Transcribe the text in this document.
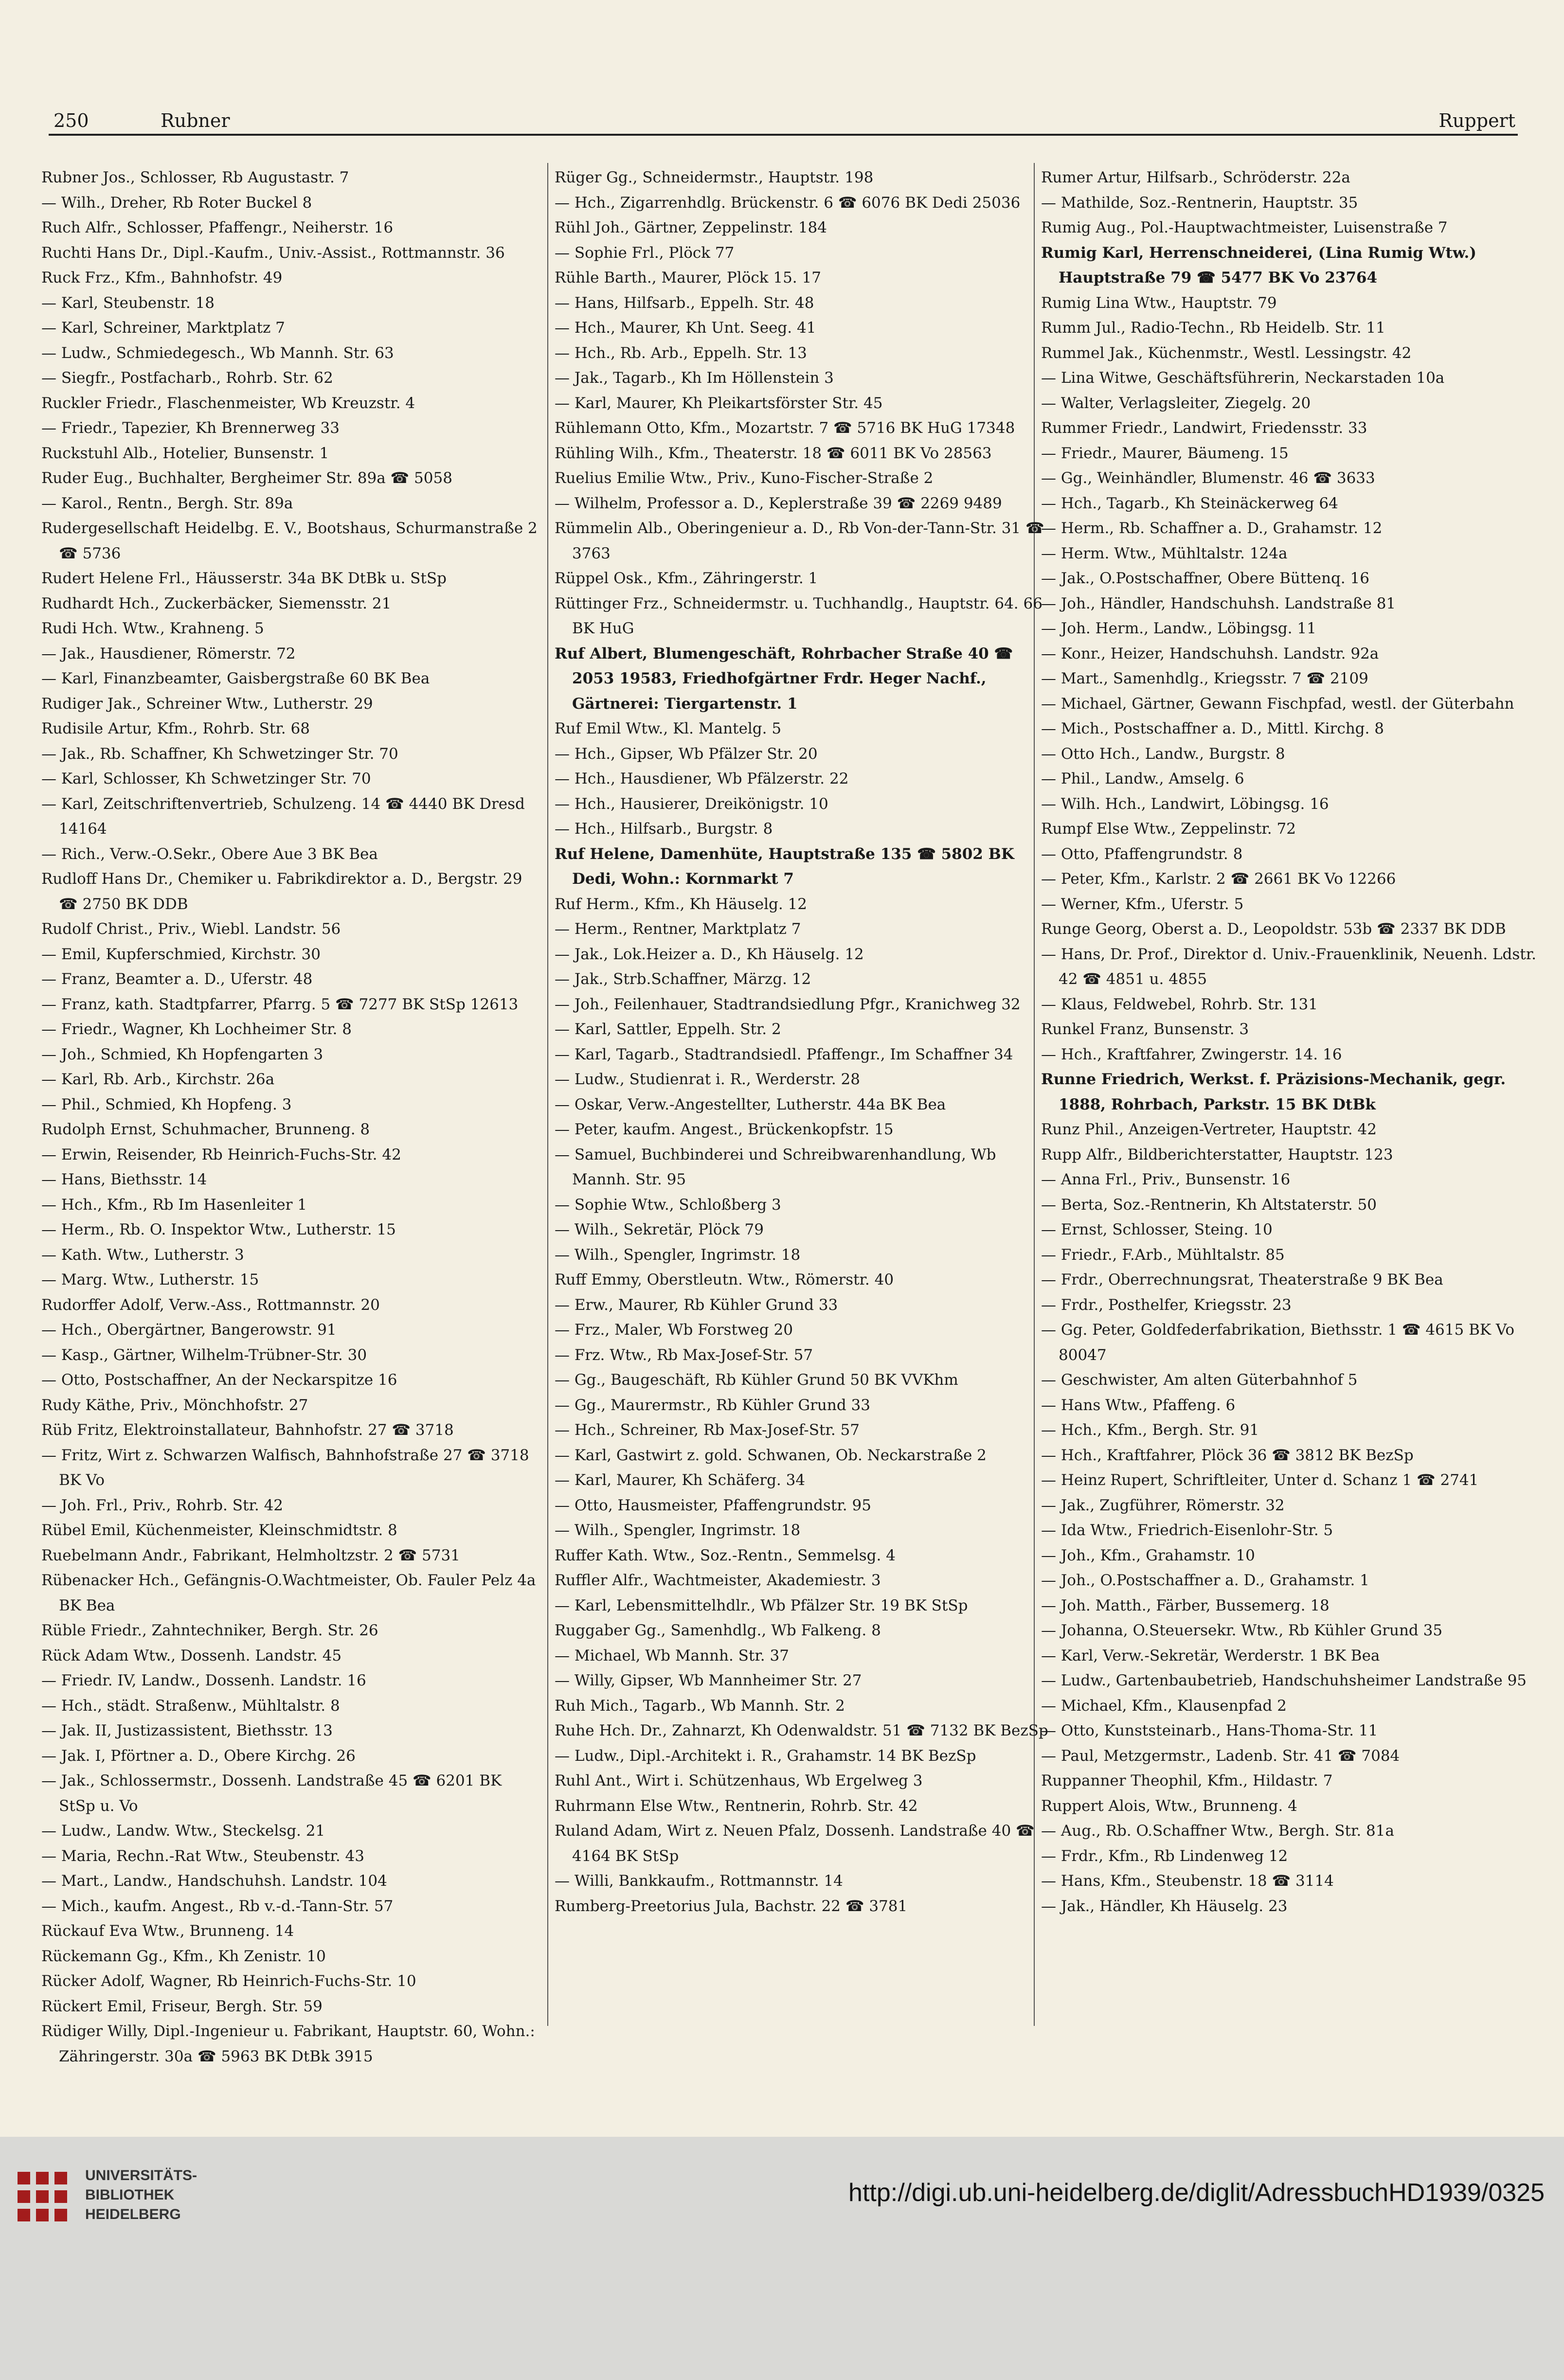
250	Rubner	Ruppert

Rubner Jos., Schlosser, Rb Augustastr. 7

— Wilh., Dreher, Rb Roter Buckel 8

Ruch Alfr., Schlosser, Pfaffengr., Neiherstr. 16

Ruchti Hans Dr., Dipl.-Kaufm., Univ.-Assist., Rottmannstr. 36

Ruck Frz., Kfm., Bahnhofstr. 49

— Karl, Steubenstr. 18

— Karl, Schreiner, Marktplatz 7

— Ludw., Schmiedegesch., Wb Mannh. Str. 63

— Siegfr., Postfacharb., Rohrb. Str. 62

Ruckler Friedr., Flaschenmeister, Wb Kreuzstr. 4

— Friedr., Tapezier, Kh Brennerweg 33

Ruckstuhl Alb., Hotelier, Bunsenstr. 1

Ruder Eug., Buchhalter, Bergheimer Str. 89a ☎ 5058

— Karol., Rentn., Bergh. Str. 89a

Rudergesellschaft Heidelbg. E. V., Bootshaus, Schurmanstraße 2 ☎ 5736

Rudert Helene Frl., Häusserstr. 34a BK DtBk u. StSp

Rudhardt Hch., Zuckerbäcker, Siemensstr. 21

Rudi Hch. Wtw., Krahneng. 5

— Jak., Hausdiener, Römerstr. 72

— Karl, Finanzbeamter, Gaisbergstraße 60 BK Bea

Rudiger Jak., Schreiner Wtw., Lutherstr. 29

Rudisile Artur, Kfm., Rohrb. Str. 68

— Jak., Rb. Schaffner, Kh Schwetzinger Str. 70

— Karl, Schlosser, Kh Schwetzinger Str. 70

— Karl, Zeitschriftenvertrieb, Schulzeng. 14 ☎ 4440 BK Dresd 14164

— Rich., Verw.-O.Sekr., Obere Aue 3 BK Bea

Rudloff Hans Dr., Chemiker u. Fabrikdirektor a. D., Bergstr. 29 ☎ 2750 BK DDB

Rudolf Christ., Priv., Wiebl. Landstr. 56

— Emil, Kupferschmied, Kirchstr. 30

— Franz, Beamter a. D., Uferstr. 48

— Franz, kath. Stadtpfarrer, Pfarrg. 5 ☎ 7277 BK StSp 12613

— Friedr., Wagner, Kh Lochheimer Str. 8

— Joh., Schmied, Kh Hopfengarten 3

— Karl, Rb. Arb., Kirchstr. 26a

— Phil., Schmied, Kh Hopfeng. 3

Rudolph Ernst, Schuhmacher, Brunneng. 8

— Erwin, Reisender, Rb Heinrich-Fuchs-Str. 42

— Hans, Biethsstr. 14

— Hch., Kfm., Rb Im Hasenleiter 1

— Herm., Rb. O. Inspektor Wtw., Lutherstr. 15

— Kath. Wtw., Lutherstr. 3

— Marg. Wtw., Lutherstr. 15

Rudorffer Adolf, Verw.-Ass., Rottmannstr. 20

— Hch., Obergärtner, Bangerowstr. 91

— Kasp., Gärtner, Wilhelm-Trübner-Str. 30

— Otto, Postschaffner, An der Neckarspitze 16

Rudy Käthe, Priv., Mönchhofstr. 27

Rüb Fritz, Elektroinstallateur, Bahnhofstr. 27 ☎ 3718

— Fritz, Wirt z. Schwarzen Walfisch, Bahnhofstraße 27 ☎ 3718 BK Vo

— Joh. Frl., Priv., Rohrb. Str. 42

Rübel Emil, Küchenmeister, Kleinschmidtstr. 8

Ruebelmann Andr., Fabrikant, Helmholtzstr. 2 ☎ 5731

Rübenacker Hch., Gefängnis-O.Wachtmeister, Ob. Fauler Pelz 4a BK Bea

Rüble Friedr., Zahntechniker, Bergh. Str. 26

Rück Adam Wtw., Dossenh. Landstr. 45

— Friedr. IV, Landw., Dossenh. Landstr. 16

— Hch., städt. Straßenw., Mühltalstr. 8

— Jak. II, Justizassistent, Biethsstr. 13

— Jak. I, Pförtner a. D., Obere Kirchg. 26

— Jak., Schlossermstr., Dossenh. Landstraße 45 ☎ 6201 BK StSp u. Vo

— Ludw., Landw. Wtw., Steckelsg. 21

— Maria, Rechn.-Rat Wtw., Steubenstr. 43

— Mart., Landw., Handschuhsh. Landstr. 104

— Mich., kaufm. Angest., Rb v.-d.-Tann-Str. 57

Rückauf Eva Wtw., Brunneng. 14

Rückemann Gg., Kfm., Kh Zenistr. 10

Rücker Adolf, Wagner, Rb Heinrich-Fuchs-Str. 10

Rückert Emil, Friseur, Bergh. Str. 59

Rüdiger Willy, Dipl.-Ingenieur u. Fabrikant, Hauptstr. 60, Wohn.: Zähringerstr. 30a ☎ 5963 BK DtBk 3915

Rüger Gg., Schneidermstr., Hauptstr. 198

— Hch., Zigarrenhdlg. Brückenstr. 6 ☎ 6076 BK Dedi 25036

Rühl Joh., Gärtner, Zeppelinstr. 184

— Sophie Frl., Plöck 77

Rühle Barth., Maurer, Plöck 15. 17

— Hans, Hilfsarb., Eppelh. Str. 48

— Hch., Maurer, Kh Unt. Seeg. 41

— Hch., Rb. Arb., Eppelh. Str. 13

— Jak., Tagarb., Kh Im Höllenstein 3

— Karl, Maurer, Kh Pleikartsförster Str. 45

Rühlemann Otto, Kfm., Mozartstr. 7 ☎ 5716 BK HuG 17348

Rühling Wilh., Kfm., Theaterstr. 18 ☎ 6011 BK Vo 28563

Ruelius Emilie Wtw., Priv., Kuno-Fischer-Straße 2

— Wilhelm, Professor a. D., Keplerstraße 39 ☎ 2269 9489

Rümmelin Alb., Oberingenieur a. D., Rb Von-der-Tann-Str. 31 ☎ 3763

Rüppel Osk., Kfm., Zähringerstr. 1

Rüttinger Frz., Schneidermstr. u. Tuchhandlg., Hauptstr. 64. 66 BK HuG

Ruf Albert, Blumengeschäft, Rohrbacher Straße 40 ☎ 2053 19583, Friedhofgärtner Frdr. Heger Nachf., Gärtnerei: Tiergartenstr. 1

Ruf Emil Wtw., Kl. Mantelg. 5

— Hch., Gipser, Wb Pfälzer Str. 20

— Hch., Hausdiener, Wb Pfälzerstr. 22

— Hch., Hausierer, Dreikönigstr. 10

— Hch., Hilfsarb., Burgstr. 8

Ruf Helene, Damenhüte, Hauptstraße 135 ☎ 5802 BK Dedi, Wohn.: Kornmarkt 7

Ruf Herm., Kfm., Kh Häuselg. 12

— Herm., Rentner, Marktplatz 7

— Jak., Lok.Heizer a. D., Kh Häuselg. 12

— Jak., Strb.Schaffner, Märzg. 12

— Joh., Feilenhauer, Stadtrandsiedlung Pfgr., Kranichweg 32

— Karl, Sattler, Eppelh. Str. 2

— Karl, Tagarb., Stadtrandsiedl. Pfaffengr., Im Schaffner 34

— Ludw., Studienrat i. R., Werderstr. 28

— Oskar, Verw.-Angestellter, Lutherstr. 44a BK Bea

— Peter, kaufm. Angest., Brückenkopfstr. 15

— Samuel, Buchbinderei und Schreibwarenhandlung, Wb Mannh. Str. 95

— Sophie Wtw., Schloßberg 3

— Wilh., Sekretär, Plöck 79

— Wilh., Spengler, Ingrimstr. 18

Ruff Emmy, Oberstleutn. Wtw., Römerstr. 40

— Erw., Maurer, Rb Kühler Grund 33

— Frz., Maler, Wb Forstweg 20

— Frz. Wtw., Rb Max-Josef-Str. 57

— Gg., Baugeschäft, Rb Kühler Grund 50 BK VVKhm

— Gg., Maurermstr., Rb Kühler Grund 33

— Hch., Schreiner, Rb Max-Josef-Str. 57

— Karl, Gastwirt z. gold. Schwanen, Ob. Neckarstraße 2

— Karl, Maurer, Kh Schäferg. 34

— Otto, Hausmeister, Pfaffengrundstr. 95

— Wilh., Spengler, Ingrimstr. 18

Ruffer Kath. Wtw., Soz.-Rentn., Semmelsg. 4

Ruffler Alfr., Wachtmeister, Akademiestr. 3

— Karl, Lebensmittelhdlr., Wb Pfälzer Str. 19 BK StSp

Ruggaber Gg., Samenhdlg., Wb Falkeng. 8

— Michael, Wb Mannh. Str. 37

— Willy, Gipser, Wb Mannheimer Str. 27

Ruh Mich., Tagarb., Wb Mannh. Str. 2

Ruhe Hch. Dr., Zahnarzt, Kh Odenwaldstr. 51 ☎ 7132 BK BezSp

— Ludw., Dipl.-Architekt i. R., Grahamstr. 14 BK BezSp

Ruhl Ant., Wirt i. Schützenhaus, Wb Ergelweg 3

Ruhrmann Else Wtw., Rentnerin, Rohrb. Str. 42

Ruland Adam, Wirt z. Neuen Pfalz, Dossenh. Landstraße 40 ☎ 4164 BK StSp

— Willi, Bankkaufm., Rottmannstr. 14

Rumberg-Preetorius Jula, Bachstr. 22 ☎ 3781

Rumer Artur, Hilfsarb., Schröderstr. 22a

— Mathilde, Soz.-Rentnerin, Hauptstr. 35

Rumig Aug., Pol.-Hauptwachtmeister, Luisenstraße 7

Rumig Karl, Herrenschneiderei, (Lina Rumig Wtw.) Hauptstraße 79 ☎ 5477 BK Vo 23764

Rumig Lina Wtw., Hauptstr. 79

Rumm Jul., Radio-Techn., Rb Heidelb. Str. 11

Rummel Jak., Küchenmstr., Westl. Lessingstr. 42

— Lina Witwe, Geschäftsführerin, Neckarstaden 10a

— Walter, Verlagsleiter, Ziegelg. 20

Rummer Friedr., Landwirt, Friedensstr. 33

— Friedr., Maurer, Bäumeng. 15

— Gg., Weinhändler, Blumenstr. 46 ☎ 3633

— Hch., Tagarb., Kh Steinäckerweg 64

— Herm., Rb. Schaffner a. D., Grahamstr. 12

— Herm. Wtw., Mühltalstr. 124a

— Jak., O.Postschaffner, Obere Büttenq. 16

— Joh., Händler, Handschuhsh. Landstraße 81

— Joh. Herm., Landw., Löbingsg. 11

— Konr., Heizer, Handschuhsh. Landstr. 92a

— Mart., Samenhdlg., Kriegsstr. 7 ☎ 2109

— Michael, Gärtner, Gewann Fischpfad, westl. der Güterbahn

— Mich., Postschaffner a. D., Mittl. Kirchg. 8

— Otto Hch., Landw., Burgstr. 8

— Phil., Landw., Amselg. 6

— Wilh. Hch., Landwirt, Löbingsg. 16

Rumpf Else Wtw., Zeppelinstr. 72

— Otto, Pfaffengrundstr. 8

— Peter, Kfm., Karlstr. 2 ☎ 2661 BK Vo 12266

— Werner, Kfm., Uferstr. 5

Runge Georg, Oberst a. D., Leopoldstr. 53b ☎ 2337 BK DDB

— Hans, Dr. Prof., Direktor d. Univ.-Frauenklinik, Neuenh. Ldstr. 42 ☎ 4851 u. 4855

— Klaus, Feldwebel, Rohrb. Str. 131

Runkel Franz, Bunsenstr. 3

— Hch., Kraftfahrer, Zwingerstr. 14. 16

Runne Friedrich, Werkst. f. Präzisions-Mechanik, gegr. 1888, Rohrbach, Parkstr. 15 BK DtBk

Runz Phil., Anzeigen-Vertreter, Hauptstr. 42

Rupp Alfr., Bildberichterstatter, Hauptstr. 123

— Anna Frl., Priv., Bunsenstr. 16

— Berta, Soz.-Rentnerin, Kh Altstaterstr. 50

— Ernst, Schlosser, Steing. 10

— Friedr., F.Arb., Mühltalstr. 85

— Frdr., Oberrechnungsrat, Theaterstraße 9 BK Bea

— Frdr., Posthelfer, Kriegsstr. 23

— Gg. Peter, Goldfederfabrikation, Biethsstr. 1 ☎ 4615 BK Vo 80047

— Geschwister, Am alten Güterbahnhof 5

— Hans Wtw., Pfaffeng. 6

— Hch., Kfm., Bergh. Str. 91

— Hch., Kraftfahrer, Plöck 36 ☎ 3812 BK BezSp

— Heinz Rupert, Schriftleiter, Unter d. Schanz 1 ☎ 2741

— Jak., Zugführer, Römerstr. 32

— Ida Wtw., Friedrich-Eisenlohr-Str. 5

— Joh., Kfm., Grahamstr. 10

— Joh., O.Postschaffner a. D., Grahamstr. 1

— Joh. Matth., Färber, Bussemerg. 18

— Johanna, O.Steuersekr. Wtw., Rb Kühler Grund 35

— Karl, Verw.-Sekretär, Werderstr. 1 BK Bea

— Ludw., Gartenbaubetrieb, Handschuhsheimer Landstraße 95

— Michael, Kfm., Klausenpfad 2

— Otto, Kunststeinarb., Hans-Thoma-Str. 11

— Paul, Metzgermstr., Ladenb. Str. 41 ☎ 7084

Ruppanner Theophil, Kfm., Hildastr. 7

Ruppert Alois, Wtw., Brunneng. 4

— Aug., Rb. O.Schaffner Wtw., Bergh. Str. 81a

— Frdr., Kfm., Rb Lindenweg 12

— Hans, Kfm., Steubenstr. 18 ☎ 3114

— Jak., Händler, Kh Häuselg. 23

UNIVERSITÄTS-
BIBLIOTHEK
HEIDELBERG
http://digi.ub.uni-heidelberg.de/diglit/AdressbuchHD1939/0325
